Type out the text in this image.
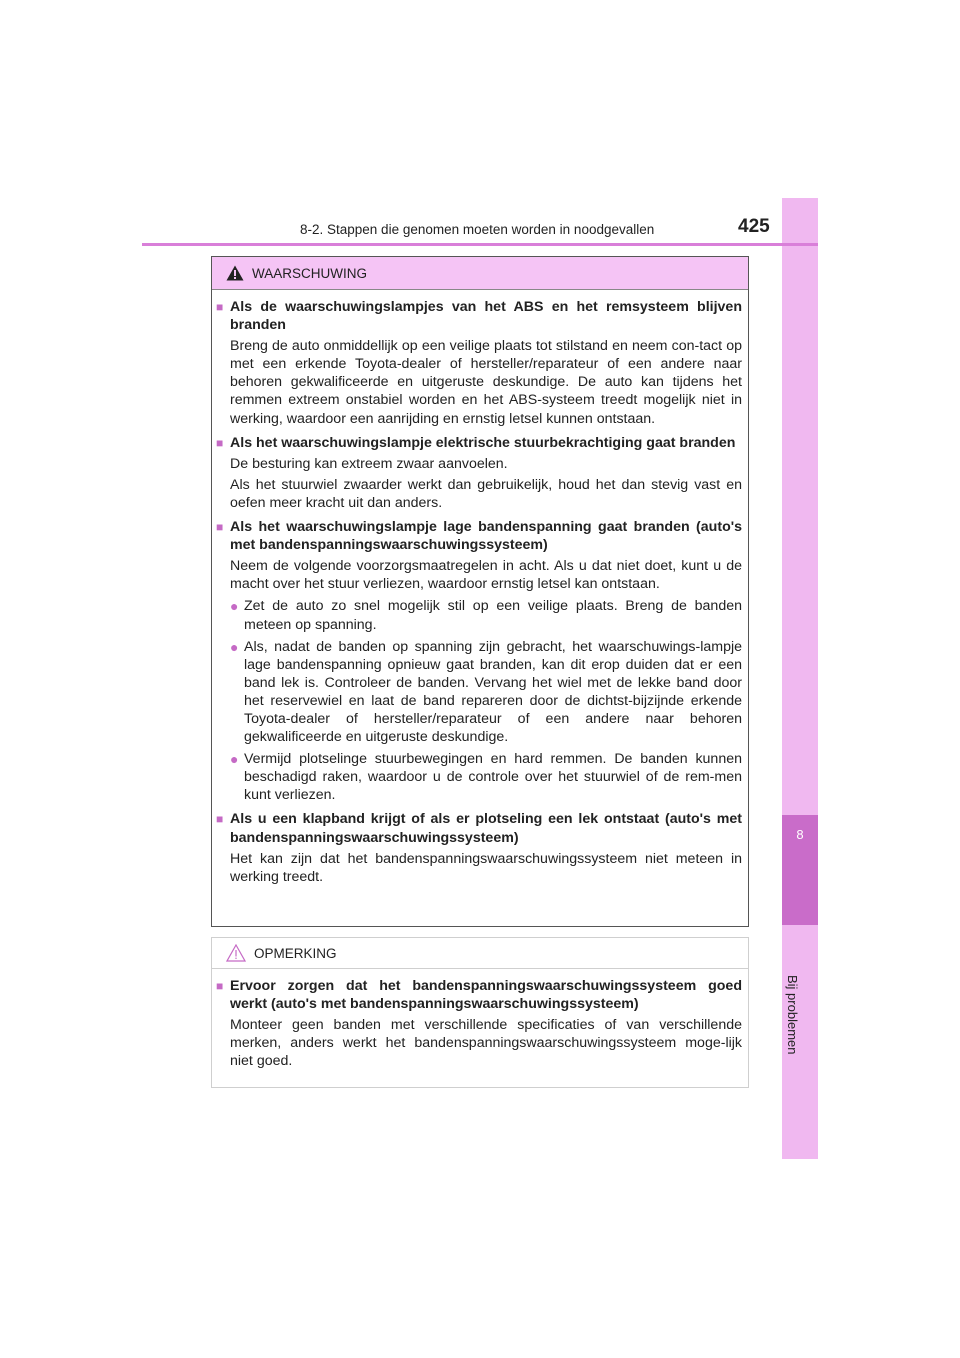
8
Bij problemen
8-2. Stappen die genomen moeten worden in noodgevallen	425
WAARSCHUWING
■ Als de waarschuwingslampjes van het ABS en het remsysteem blijven branden
Breng de auto onmiddellijk op een veilige plaats tot stilstand en neem con-tact op met een erkende Toyota-dealer of hersteller/reparateur of een andere naar behoren gekwalificeerde en uitgeruste deskundige. De auto kan tijdens het remmen extreem onstabiel worden en het ABS-systeem treedt mogelijk niet in werking, waardoor een aanrijding en ernstig letsel kunnen ontstaan.
■ Als het waarschuwingslampje elektrische stuurbekrachtiging gaat branden
De besturing kan extreem zwaar aanvoelen.
Als het stuurwiel zwaarder werkt dan gebruikelijk, houd het dan stevig vast en oefen meer kracht uit dan anders.
■ Als het waarschuwingslampje lage bandenspanning gaat branden (auto's met bandenspanningswaarschuwingssysteem)
Neem de volgende voorzorgsmaatregelen in acht. Als u dat niet doet, kunt u de macht over het stuur verliezen, waardoor ernstig letsel kan ontstaan.
● Zet de auto zo snel mogelijk stil op een veilige plaats. Breng de banden meteen op spanning.
● Als, nadat de banden op spanning zijn gebracht, het waarschuwings-lampje lage bandenspanning opnieuw gaat branden, kan dit erop duiden dat er een band lek is. Controleer de banden. Vervang het wiel met de lekke band door het reservewiel en laat de band repareren door de dichtst-bijzijnde erkende Toyota-dealer of hersteller/reparateur of een andere naar behoren gekwalificeerde en uitgeruste deskundige.
● Vermijd plotselinge stuurbewegingen en hard remmen. De banden kunnen beschadigd raken, waardoor u de controle over het stuurwiel of de rem-men kunt verliezen.
■ Als u een klapband krijgt of als er plotseling een lek ontstaat (auto's met bandenspanningswaarschuwingssysteem)
Het kan zijn dat het bandenspanningswaarschuwingssysteem niet meteen in werking treedt.
OPMERKING
■ Ervoor zorgen dat het bandenspanningswaarschuwingssysteem goed werkt (auto's met bandenspanningswaarschuwingssysteem)
Monteer geen banden met verschillende specificaties of van verschillende merken, anders werkt het bandenspanningswaarschuwingssysteem moge-lijk niet goed.
